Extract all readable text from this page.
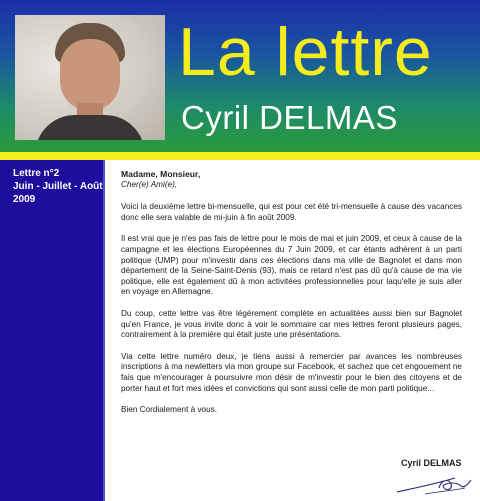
La lettre
Cyril DELMAS
Lettre n°2
Juin - Juillet - Août
2009

Madame, Monsieur,

Cher(e) Ami(e),

Voici la deuxième lettre bi-mensuelle, qui est pour cet été tri-mensuelle à cause des vacances donc elle sera valable de mi-juin à fin août 2009.

Il est vrai que je n'es pas fais de lettre pour le mois de mai et juin 2009, et ceux à cause de la campagne et les élections Européennes du 7 Juin 2009, et car étants adhérent à un parti politique (UMP) pour m'investir dans ces élections dans ma ville de Bagnolet et dans mon département de la Seine-Saint-Denis (93), mais ce retard n'est pas dû qu'à cause de ma vie politique, elle est également dû à mon activitées professionnelles pour laqu'elle je suis aller en voyage en Allemagne.

Du coup, cette lettre vas être légérement complète en actualitées aussi bien sur Bagnolet qu'en France, je vous invite donc à voir le sommaire car mes lettres feront plusieurs pages, contrairement à la première qui était juste une présentations.

Via cette lettre numéro deux, je tiens aussi à remercier par avances les nombreuses inscriptions à ma newletters via mon groupe sur Facebook, et sachez que cet engouement ne fais que m'encourager à poursuivre mon désir de m'investir pour le bien des citoyens et de porter haut et fort mes idées et convictions qui sont aussi celle de mon parti politique...

Bien Cordialement à vous.

Cyril DELMAS
